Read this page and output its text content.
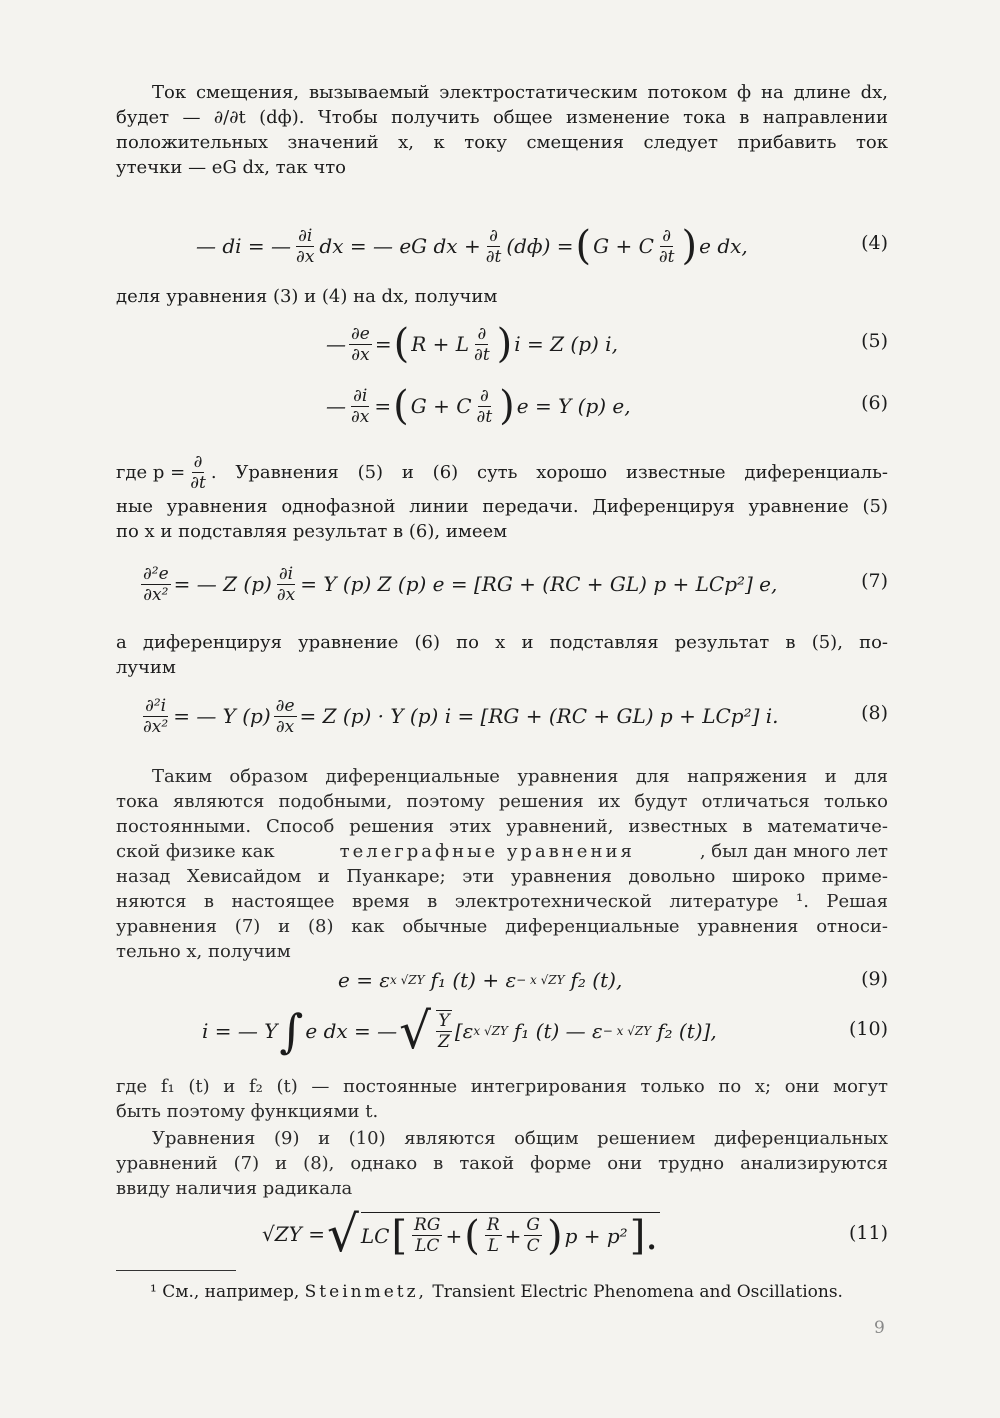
Ток смещения, вызываемый электростатическим потоком ф на длине dx,
будет — ∂/∂t (dф). Чтобы получить общее изменение тока в направлении
положительных значений x, к току смещения следует прибавить ток
утечки — eG dx, так что
— di = — $\frac{\partial i}{\partial x}$ dx = — eG dx + $\frac{\partial}{\partial t} (dф)$ = ( G + C $\frac{\partial}{\partial t}$ ) e dx,	(4)
деля уравнения (3) и (4) на dx, получим
— $\frac{\partial e}{\partial x}$ = ( R + L $\frac{\partial}{\partial t}$ ) i = Z (p) i,	(5)
— $\frac{\partial i}{\partial x}$ = ( G + C $\frac{\partial}{\partial t}$ ) e = Y (p) e,	(6)
где $p = \frac{\partial}{\partial t}$ . Уравнения (5) и (6) суть хорошо известные диференциаль-
ные уравнения однофазной линии передачи. Диференцируя уравнение (5)
по x и подставляя результат в (6), имеем
$\frac{\text{∂²e}}{\text{∂x²}}$ = — Z $(p) \frac{\partial i}{\partial x} = Y$ (p) Z (p) e = [RG + (RC + GL) p + LCp²] e,	(7)
а диференцируя уравнение (6) по x и подставляя результат в (5), по-
лучим
$\frac{\text{∂²i}}{\text{∂x²}}$ = — Y $(p) \frac{\partial e}{\partial x} = Z$ (p) · Y (p) i = [RG + (RC + GL) p + LCp²] i.	(8)
Таким образом диференциальные уравнения для напряжения и для
тока являются подобными, поэтому решения их будут отличаться только
постоянными. Способ решения этих уравнений, известных в математиче-
ской физике как	телеграфные уравнения	, был дан много лет
назад Хевисайдом и Пуанкаре; эти уравнения довольно широко приме-
няются в настоящее время в электротехнической литературе ¹. Решая
уравнения (7) и (8) как обычные диференциальные уравнения относи-
тельно x, получим
e = ε x √ZY f₁ (t) + ε − x √ZY f₂ (t),	(9)
i = — Y ∫ e dx = — √ $\frac{Y}{Z} [\varepsilon$ x √ZY f₁ (t) — ε − x √ZY f₂ (t)],	(10)
где f₁ (t) и f₂ (t) — постоянные интегрирования только по x; они могут
быть поэтому функциями t.
Уравнения (9) и (10) являются общим решением диференциальных
уравнений (7) и (8), однако в такой форме они трудно анализируются
ввиду наличия радикала
√ZY = √ LC [ $\frac{RG}{LC}$ + ( $\frac{R}{L} + \frac{G}{C}$ ) p + p² ].	(11)
¹ См., например, Steinmetz, Transient Electric Phenomena and Oscillations.
9
